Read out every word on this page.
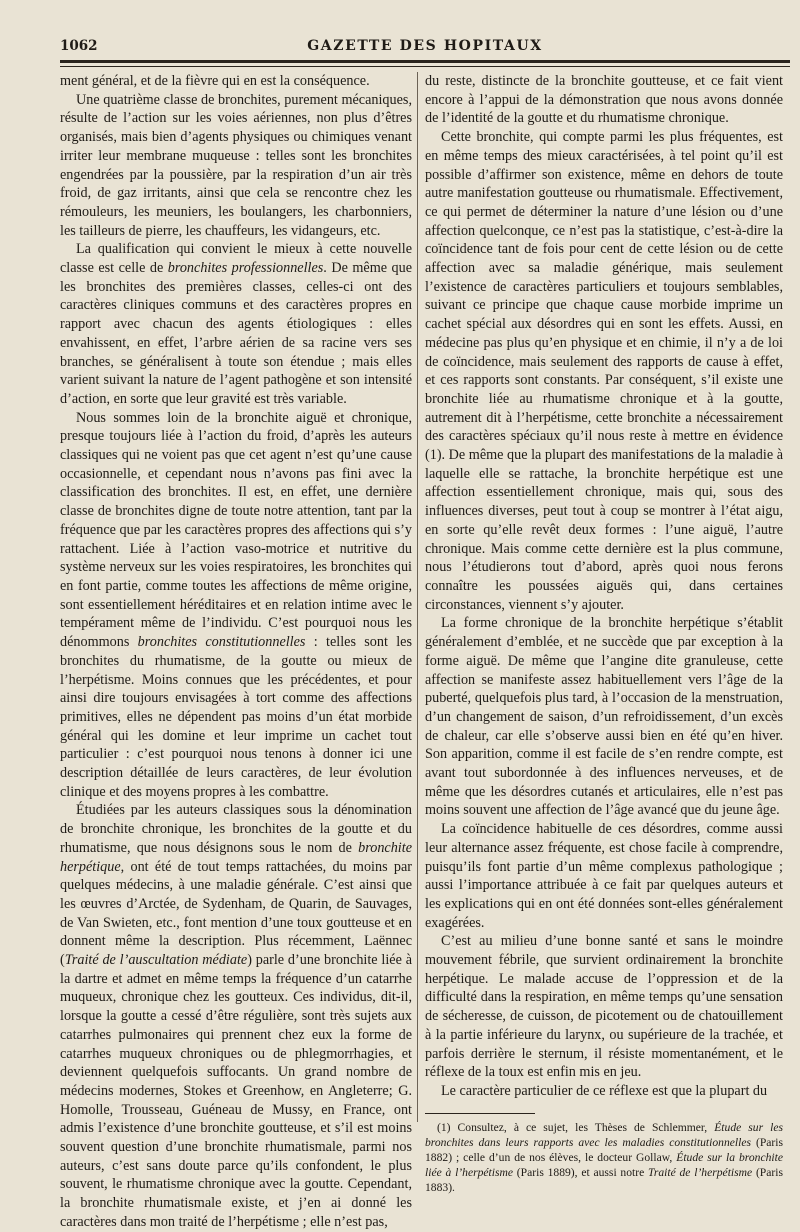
1062	GAZETTE DES HOPITAUX

ment général, et de la fièvre qui en est la conséquence.

Une quatrième classe de bronchites, purement mécaniques, résulte de l’action sur les voies aériennes, non plus d’êtres organisés, mais bien d’agents physiques ou chimiques venant irriter leur membrane muqueuse : telles sont les bronchites engendrées par la poussière, par la respiration d’un air très froid, de gaz irritants, ainsi que cela se rencontre chez les rémouleurs, les meuniers, les boulangers, les charbonniers, les tailleurs de pierre, les chauffeurs, les vidangeurs, etc.

La qualification qui convient le mieux à cette nouvelle classe est celle de bronchites professionnelles. De même que les bronchites des premières classes, celles-ci ont des caractères cliniques communs et des caractères propres en rapport avec chacun des agents étiologiques : elles envahissent, en effet, l’arbre aérien de sa racine vers ses branches, se généralisent à toute son étendue ; mais elles varient suivant la nature de l’agent pathogène et son intensité d’action, en sorte que leur gravité est très variable.

Nous sommes loin de la bronchite aiguë et chronique, presque toujours liée à l’action du froid, d’après les auteurs classiques qui ne voient pas que cet agent n’est qu’une cause occasionnelle, et cependant nous n’avons pas fini avec la classification des bronchites. Il est, en effet, une dernière classe de bronchites digne de toute notre attention, tant par la fréquence que par les caractères propres des affections qui s’y rattachent. Liée à l’action vaso-motrice et nutritive du système nerveux sur les voies respiratoires, les bronchites qui en font partie, comme toutes les affections de même origine, sont essentiellement héréditaires et en relation intime avec le tempérament même de l’individu. C’est pourquoi nous les dénommons bronchites constitutionnelles : telles sont les bronchites du rhumatisme, de la goutte ou mieux de l’herpétisme. Moins connues que les précédentes, et pour ainsi dire toujours envisagées à tort comme des affections primitives, elles ne dépendent pas moins d’un état morbide général qui les domine et leur imprime un cachet tout particulier : c’est pourquoi nous tenons à donner ici une description détaillée de leurs caractères, de leur évolution clinique et des moyens propres à les combattre.

Étudiées par les auteurs classiques sous la dénomination de bronchite chronique, les bronchites de la goutte et du rhumatisme, que nous désignons sous le nom de bronchite herpétique, ont été de tout temps rattachées, du moins par quelques médecins, à une maladie générale. C’est ainsi que les œuvres d’Arctée, de Sydenham, de Quarin, de Sauvages, de Van Swieten, etc., font mention d’une toux goutteuse et en donnent même la description. Plus récemment, Laënnec (Traité de l’auscultation médiate) parle d’une bronchite liée à la dartre et admet en même temps la fréquence d’un catarrhe muqueux, chronique chez les goutteux. Ces individus, dit-il, lorsque la goutte a cessé d’être régulière, sont très sujets aux catarrhes pulmonaires qui prennent chez eux la forme de catarrhes muqueux chroniques ou de phlegmorrhagies, et deviennent quelquefois suffocants. Un grand nombre de médecins modernes, Stokes et Greenhow, en Angleterre; G. Homolle, Trousseau, Guéneau de Mussy, en France, ont admis l’existence d’une bronchite goutteuse, et s’il est moins souvent question d’une bronchite rhumatismale, parmi nos auteurs, c’est sans doute parce qu’ils confondent, le plus souvent, le rhumatisme chronique avec la goutte. Cependant, la bronchite rhumatismale existe, et j’en ai donné les caractères dans mon traité de l’herpétisme ; elle n’est pas,

du reste, distincte de la bronchite goutteuse, et ce fait vient encore à l’appui de la démonstration que nous avons donnée de l’identité de la goutte et du rhumatisme chronique.

Cette bronchite, qui compte parmi les plus fréquentes, est en même temps des mieux caractérisées, à tel point qu’il est possible d’affirmer son existence, même en dehors de toute autre manifestation goutteuse ou rhumatismale. Effectivement, ce qui permet de déterminer la nature d’une lésion ou d’une affection quelconque, ce n’est pas la statistique, c’est-à-dire la coïncidence tant de fois pour cent de cette lésion ou de cette affection avec sa maladie générique, mais seulement l’existence de caractères particuliers et toujours semblables, suivant ce principe que chaque cause morbide imprime un cachet spécial aux désordres qui en sont les effets. Aussi, en médecine pas plus qu’en physique et en chimie, il n’y a de loi de coïncidence, mais seulement des rapports de cause à effet, et ces rapports sont constants. Par conséquent, s’il existe une bronchite liée au rhumatisme chronique et à la goutte, autrement dit à l’herpétisme, cette bronchite a nécessairement des caractères spéciaux qu’il nous reste à mettre en évidence (1). De même que la plupart des manifestations de la maladie à laquelle elle se rattache, la bronchite herpétique est une affection essentiellement chronique, mais qui, sous des influences diverses, peut tout à coup se montrer à l’état aigu, en sorte qu’elle revêt deux formes : l’une aiguë, l’autre chronique. Mais comme cette dernière est la plus commune, nous l’étudierons tout d’abord, après quoi nous ferons connaître les poussées aiguës qui, dans certaines circonstances, viennent s’y ajouter.

La forme chronique de la bronchite herpétique s’établit généralement d’emblée, et ne succède que par exception à la forme aiguë. De même que l’angine dite granuleuse, cette affection se manifeste assez habituellement vers l’âge de la puberté, quelquefois plus tard, à l’occasion de la menstruation, d’un changement de saison, d’un refroidissement, d’un excès de chaleur, car elle s’observe aussi bien en été qu’en hiver. Son apparition, comme il est facile de s’en rendre compte, est avant tout subordonnée à des influences nerveuses, et de même que les désordres cutanés et articulaires, elle n’est pas moins souvent une affection de l’âge avancé que du jeune âge.

La coïncidence habituelle de ces désordres, comme aussi leur alternance assez fréquente, est chose facile à comprendre, puisqu’ils font partie d’un même complexus pathologique ; aussi l’importance attribuée à ce fait par quelques auteurs et les explications qui en ont été données sont-elles généralement exagérées.

C’est au milieu d’une bonne santé et sans le moindre mouvement fébrile, que survient ordinairement la bronchite herpétique. Le malade accuse de l’oppression et de la difficulté dans la respiration, en même temps qu’une sensation de sécheresse, de cuisson, de picotement ou de chatouillement à la partie inférieure du larynx, ou supérieure de la trachée, et parfois derrière le sternum, il résiste momentanément, et le réflexe de la toux est enfin mis en jeu.

Le caractère particulier de ce réflexe est que la plupart du

(1) Consultez, à ce sujet, les Thèses de Schlemmer, Étude sur les bronchites dans leurs rapports avec les maladies constitutionnelles (Paris 1882) ; celle d’un de nos élèves, le docteur Gollaw, Étude sur la bronchite liée à l’herpétisme (Paris 1889), et aussi notre Traité de l’herpétisme (Paris 1883).
